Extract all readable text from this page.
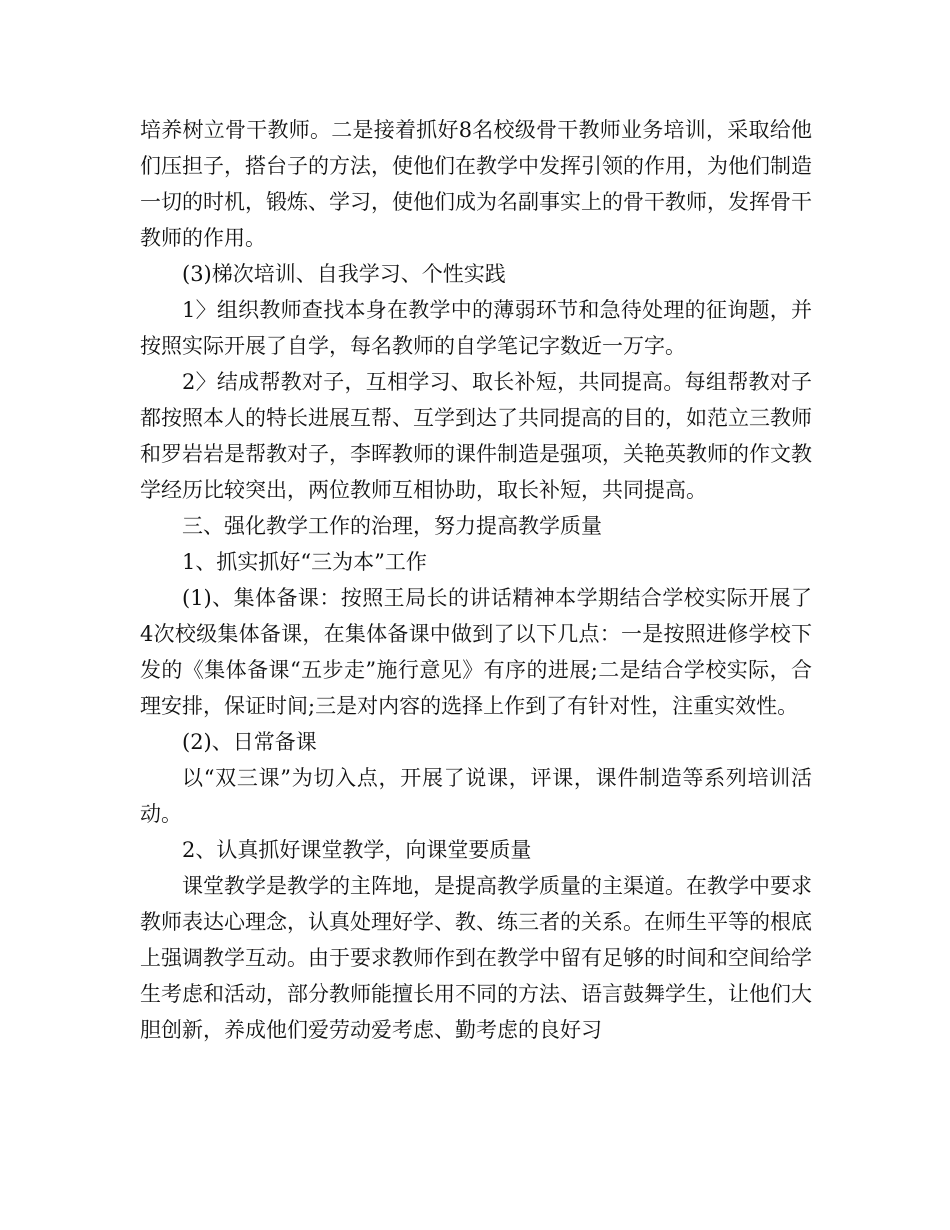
培养树立骨干教师。二是接着抓好8名校级骨干教师业务培训，采取给他们压担子，搭台子的方法，使他们在教学中发挥引领的作用，为他们制造一切的时机，锻炼、学习，使他们成为名副事实上的骨干教师，发挥骨干教师的作用。

(3)梯次培训、自我学习、个性实践

1〉组织教师查找本身在教学中的薄弱环节和急待处理的征询题，并按照实际开展了自学，每名教师的自学笔记字数近一万字。

2〉结成帮教对子，互相学习、取长补短，共同提高。每组帮教对子都按照本人的特长进展互帮、互学到达了共同提高的目的，如范立三教师和罗岩岩是帮教对子，李晖教师的课件制造是强项，关艳英教师的作文教学经历比较突出，两位教师互相协助，取长补短，共同提高。

三、强化教学工作的治理，努力提高教学质量

1、抓实抓好“三为本”工作

(1)、集体备课：按照王局长的讲话精神本学期结合学校实际开展了4次校级集体备课，在集体备课中做到了以下几点：一是按照进修学校下发的《集体备课“五步走”施行意见》有序的进展;二是结合学校实际，合理安排，保证时间;三是对内容的选择上作到了有针对性，注重实效性。

(2)、日常备课

以“双三课”为切入点，开展了说课，评课，课件制造等系列培训活动。

2、认真抓好课堂教学，向课堂要质量

课堂教学是教学的主阵地，是提高教学质量的主渠道。在教学中要求教师表达心理念，认真处理好学、教、练三者的关系。在师生平等的根底上强调教学互动。由于要求教师作到在教学中留有足够的时间和空间给学生考虑和活动，部分教师能擅长用不同的方法、语言鼓舞学生，让他们大胆创新，养成他们爱劳动爱考虑、勤考虑的良好习
